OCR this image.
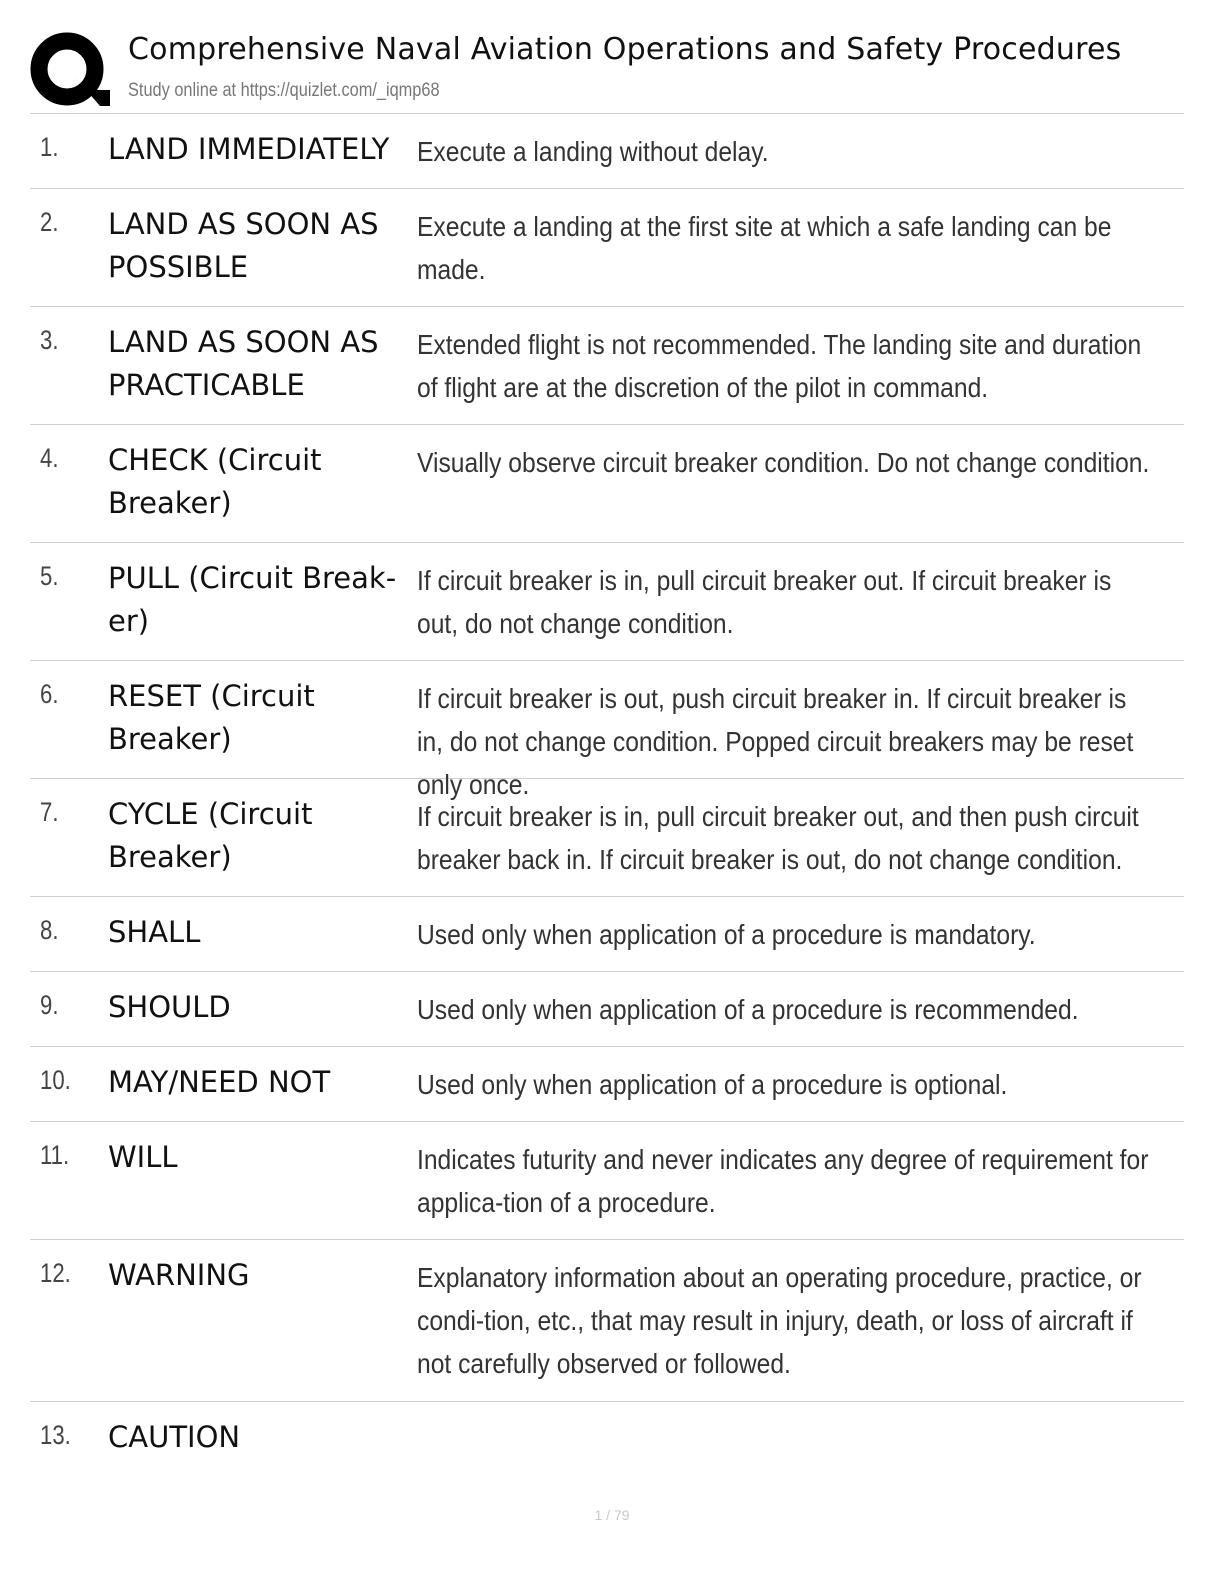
Comprehensive Naval Aviation Operations and Safety Procedures
Study online at https://quizlet.com/_iqmp68
1. LAND IMMEDIATELY Execute a landing without delay.
2. LAND AS SOON AS POSSIBLE
Execute a landing at the first site at which a safe landing can be made.
3. LAND AS SOON AS PRACTICABLE
Extended flight is not recommended. The landing site and duration of flight are at the discretion of the pilot in command.
4. CHECK (Circuit Breaker)
Visually observe circuit breaker condition. Do not change condition.
5. PULL (Circuit Break-er)
If circuit breaker is in, pull circuit breaker out. If circuit breaker is out, do not change condition.
6. RESET (Circuit Breaker)
If circuit breaker is out, push circuit breaker in. If circuit breaker is in, do not change condition. Popped circuit breakers may be reset only once.
7. CYCLE (Circuit Breaker)
If circuit breaker is in, pull circuit breaker out, and then push circuit breaker back in. If circuit breaker is out, do not change condition.
8. SHALL	Used only when application of a procedure is mandatory.
9. SHOULD	Used only when application of a procedure is recommended.
10. MAY/NEED NOT	Used only when application of a procedure is optional.
11. WILL	Indicates futurity and never indicates any degree of requirement for applica-tion of a procedure.
12. WARNING	Explanatory information about an operating procedure, practice, or condi-tion, etc., that may result in injury, death, or loss of aircraft if not carefully observed or followed.
13. CAUTION
1 / 79
